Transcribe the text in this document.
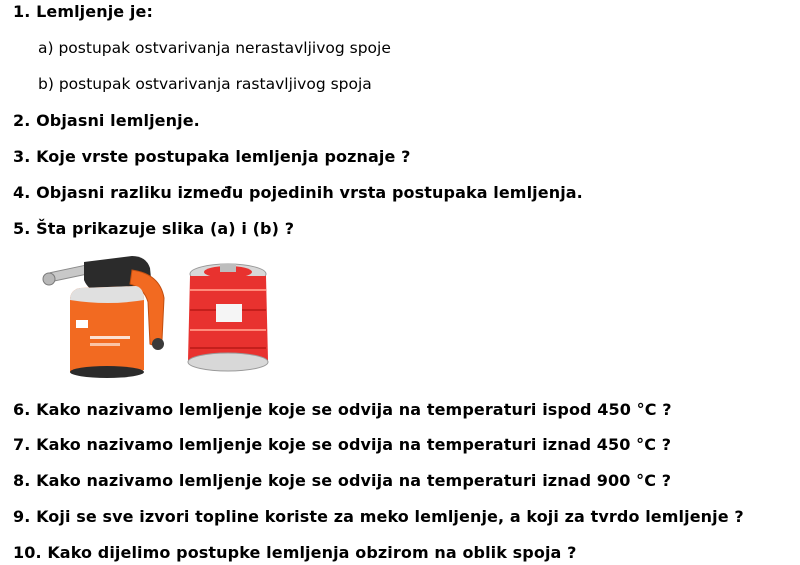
1. Lemljenje je:
a) postupak ostvarivanja nerastavljivog spoje
b) postupak ostvarivanja rastavljivog spoja
2. Objasni lemljenje.
3. Koje vrste postupaka lemljenja poznaje ?
4. Objasni razliku između pojedinih vrsta postupaka lemljenja.
5. Šta prikazuje slika (a) i (b) ?
6. Kako nazivamo lemljenje koje se odvija na temperaturi ispod 450 °C ?
7. Kako nazivamo lemljenje koje se odvija na temperaturi iznad 450 °C ?
8. Kako nazivamo lemljenje koje se odvija na temperaturi iznad 900 °C ?
9. Koji se sve izvori topline koriste za meko lemljenje, a koji za tvrdo lemljenje ?
10. Kako dijelimo postupke lemljenja obzirom na oblik spoja ?
